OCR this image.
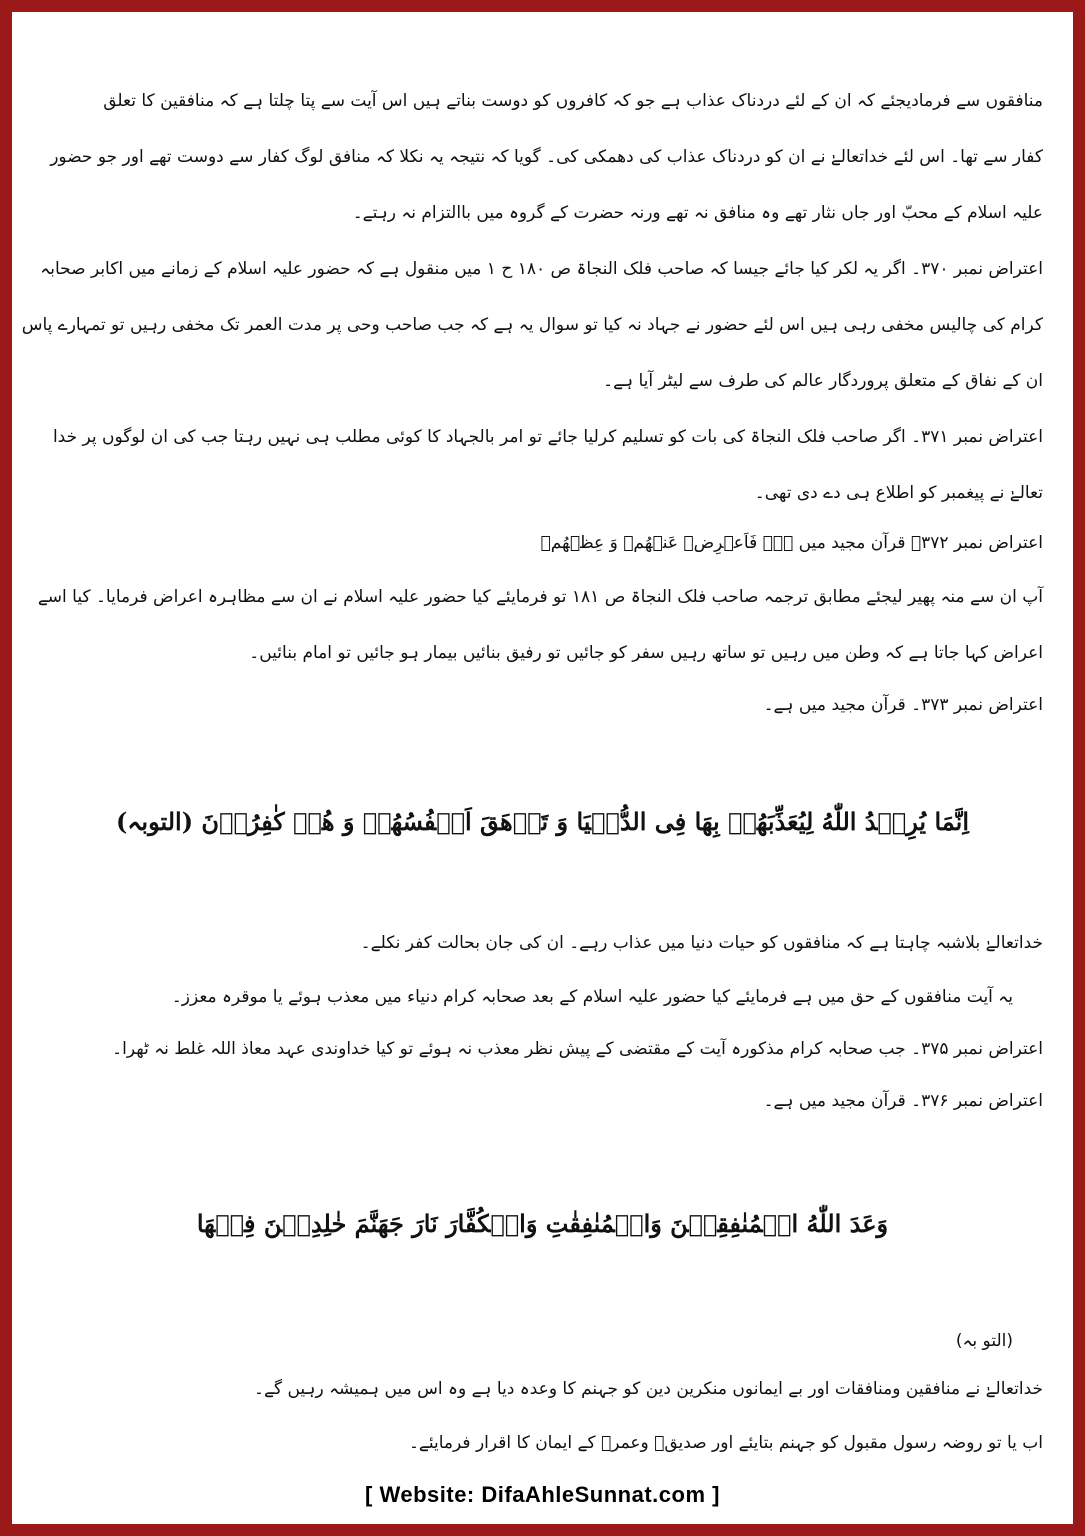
منافقوں سے فرمادیجئے کہ ان کے لئے دردناک عذاب ہے جو کہ کافروں کو دوست بناتے ہیں اس آیت سے پتا چلتا ہے کہ منافقین کا تعلق
کفار سے تھا۔ اس لئے خداتعالےٰ نے ان کو دردناک عذاب کی دھمکی کی۔ گویا کہ نتیجہ یہ نکلا کہ منافق لوگ کفار سے دوست تھے اور جو حضور
علیہ اسلام کے محبّ اور جاں نثار تھے وہ منافق نہ تھے ورنہ حضرت کے گروہ میں باالتزام نہ رہتے۔
اعتراض نمبر ۳۷۰۔ اگر یہ لکر کیا جائے جیسا کہ صاحب فلک النجاۃ ص ۱۸۰ ح ۱ میں منقول ہے کہ حضور علیہ اسلام کے زمانے میں اکابر صحابہ
کرام کی چالیس مخفی رہی ہیں اس لئے حضور نے جہاد نہ کیا تو سوال یہ ہے کہ جب صاحب وحی پر مدت العمر تک مخفی رہیں تو تمہارے پاس
ان کے نفاق کے متعلق پروردگار عالم کی طرف سے لیٹر آیا ہے۔
اعتراض نمبر ۳۷۱۔ اگر صاحب فلک النجاۃ کی بات کو تسلیم کرلیا جائے تو امر بالجہاد کا کوئی مطلب ہی نہیں رہتا جب کی ان لوگوں پر خدا
تعالےٰ نے پیغمبر کو اطلاع ہی دے دی تھی۔
اعتراض نمبر ۳۷۲۔ قرآن مجید میں ہے۔ فَاَعۡرِضۡ عَنۡهُمۡ وَ عِظۡهُمۡ
آپ ان سے منہ پھیر لیجئے مطابق ترجمہ صاحب فلک النجاۃ ص ۱۸۱ تو فرمایئے کیا حضور علیہ اسلام نے ان سے مظاہرہ اعراض فرمایا۔ کیا اسے
اعراض کہا جاتا ہے کہ وطن میں رہیں تو ساتھ رہیں سفر کو جائیں تو رفیق بنائیں بیمار ہو جائیں تو امام بنائیں۔
اعتراض نمبر ۳۷۳۔ قرآن مجید میں ہے۔
اِنَّمَا يُرِيۡدُ اللّٰهُ لِيُعَذِّبَهُمۡ بِهَا فِى الدُّنۡيَا وَ تَزۡهَقَ اَنۡفُسُهُمۡ وَ هُمۡ كٰفِرُوۡنَ (التوبہ)
خداتعالےٰ بلاشبہ چاہتا ہے کہ منافقوں کو حیات دنیا میں عذاب رہے۔ ان کی جان بحالت کفر نکلے۔
یہ آیت منافقوں کے حق میں ہے فرمایئے کیا حضور علیہ اسلام کے بعد صحابہ کرام دنیاء میں معذب ہوئے یا موقرہ معزز۔
اعتراض نمبر ۳۷۵۔ جب صحابہ کرام مذکورہ آیت کے مقتضی کے پیش نظر معذب نہ ہوئے تو کیا خداوندی عہد معاذ اللہ غلط نہ ٹھرا۔
اعتراض نمبر ۳۷۶۔ قرآن مجید میں ہے۔
وَعَدَ اللّٰهُ الۡمُنٰفِقِيۡنَ وَالۡمُنٰفِقٰتِ وَالۡكُفَّارَ نَارَ جَهَنَّمَ خٰلِدِيۡنَ فِيۡهَا
(التو بہ)
خداتعالےٰ نے منافقین ومنافقات اور بے ایمانوں منکرین دین کو جہنم کا وعدہ دیا ہے وہ اس میں ہمیشہ رہیں گے۔
اب یا تو روضہ رسول مقبول کو جہنم بتایئے اور صدیقؓ وعمرؓ کے ایمان کا اقرار فرمایئے۔
[ Website: DifaAhleSunnat.com ]
